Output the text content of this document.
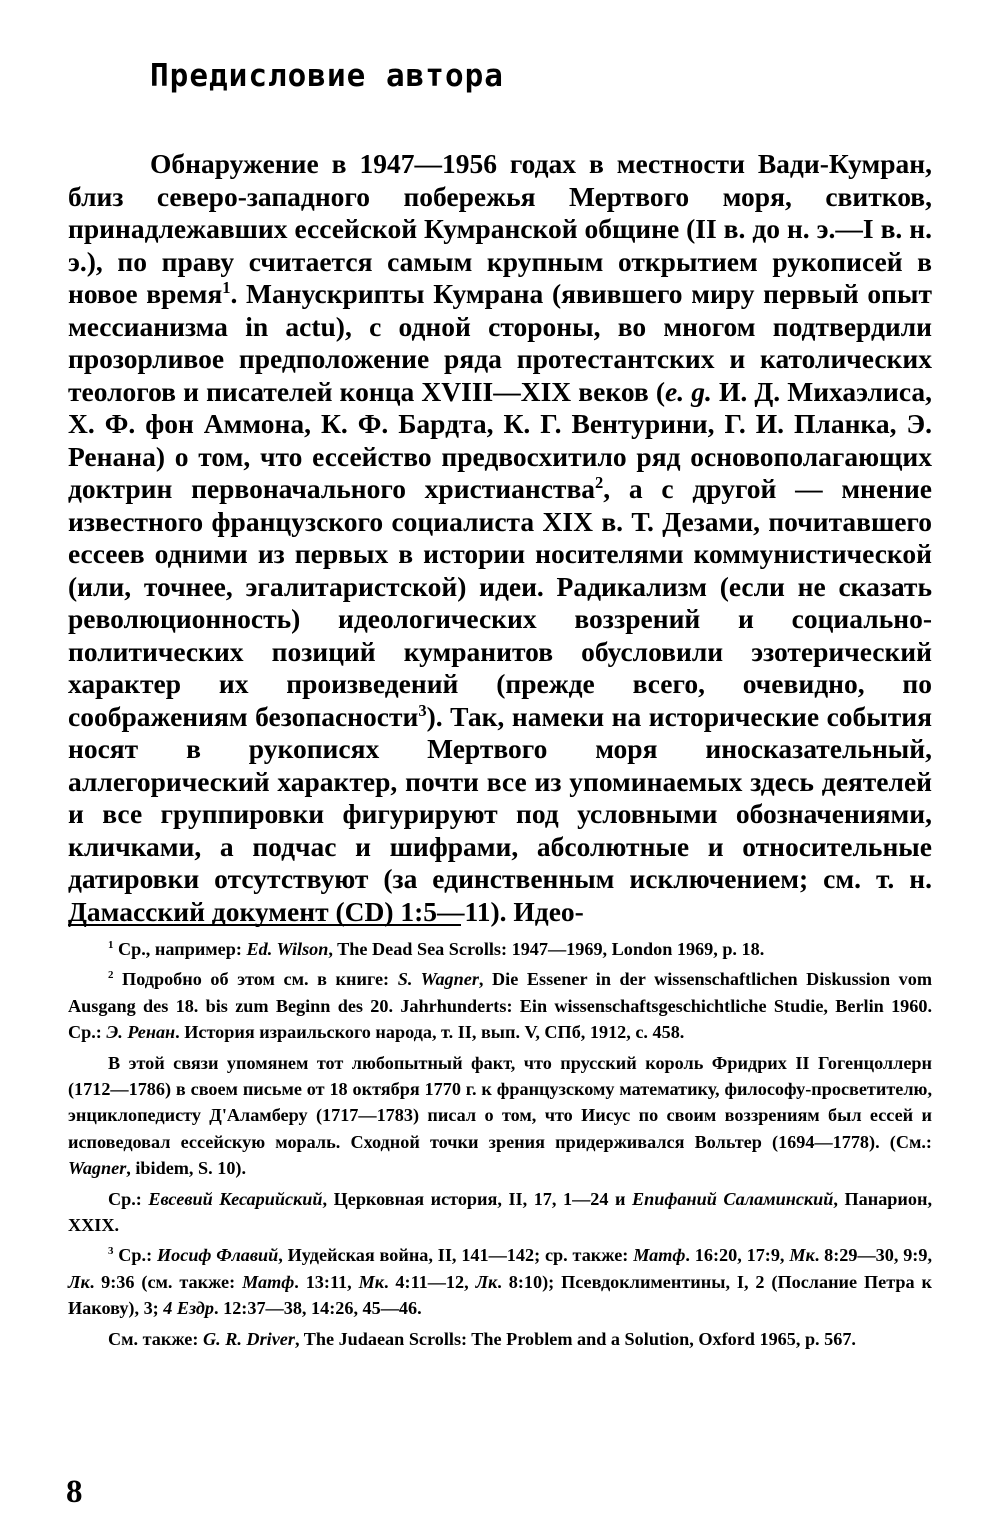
Предисловие автора

Обнаружение в 1947—1956 годах в местности Вади-Кумран, близ северо-западного побережья Мертвого моря, свитков, принадлежавших ессейской Кумранской общине (II в. до н. э.—I в. н. э.), по праву считается самым крупным открытием рукописей в новое время$^1$. Манускрипты Кумрана (явившего миру первый опыт мессианизма in actu), с одной стороны, во многом подтвердили прозорливое предположение ряда протестантских и католических теологов и писателей конца XVIII—XIX веков (e. g. И. Д. Михаэлиса, Х. Ф. фон Аммона, К. Ф. Бардта, К. Г. Вентурини, Г. И. Планка, Э. Ренана) о том, что ессейство предвосхитило ряд основополагающих доктрин первоначального христианства$^2$, а с другой — мнение известного французского социалиста XIX в. Т. Дезами, почитавшего ессеев одними из первых в истории носителями коммунистической (или, точнее, эгалитаристской) идеи. Радикализм (если не сказать революционность) идеологических воззрений и социально-политических позиций кумранитов обусловили эзотерический характер их произведений (прежде всего, очевидно, по соображениям безопасности$^3$). Так, намеки на исторические события носят в рукописях Мертвого моря иносказательный, аллегорический характер, почти все из упоминаемых здесь деятелей и все группировки фигурируют под условными обозначениями, кличками, а подчас и шифрами, абсолютные и относительные датировки отсутствуют (за единственным исключением; см. т. н. Дамасский документ (CD) 1:5—11). Идео-

$^1$ Ср., например: Ed. Wilson, The Dead Sea Scrolls: 1947—1969, London 1969, p. 18.

$^2$ Подробно об этом см. в книге: S. Wagner, Die Essener in der wissenschaftlichen Diskussion vom Ausgang des 18. bis zum Beginn des 20. Jahrhunderts: Ein wissenschaftsgeschichtliche Studie, Berlin 1960. Ср.: Э. Ренан. История израильского народа, т. II, вып. V, СПб, 1912, с. 458.

В этой связи упомянем тот любопытный факт, что прусский король Фридрих II Гогенцоллерн (1712—1786) в своем письме от 18 октября 1770 г. к французскому математику, философу-просветителю, энциклопедисту Д'Аламберу (1717—1783) писал о том, что Иисус по своим воззрениям был ессей и исповедовал ессейскую мораль. Сходной точки зрения придерживался Вольтер (1694—1778). (См.: Wagner, ibidem, S. 10).

Ср.: Евсевий Кесарийский, Церковная история, II, 17, 1—24 и Епифаний Саламинский, Панарион, XXIX.

$^3$ Ср.: Иосиф Флавий, Иудейская война, II, 141—142; ср. также: Матф. 16:20, 17:9, Мк. 8:29—30, 9:9, Лк. 9:36 (см. также: Матф. 13:11, Мк. 4:11—12, Лк. 8:10); Псевдоклиментины, I, 2 (Послание Петра к Иакову), 3; 4 Ездр. 12:37—38, 14:26, 45—46.

См. также: G. R. Driver, The Judaean Scrolls: The Problem and a Solution, Oxford 1965, p. 567.

8
